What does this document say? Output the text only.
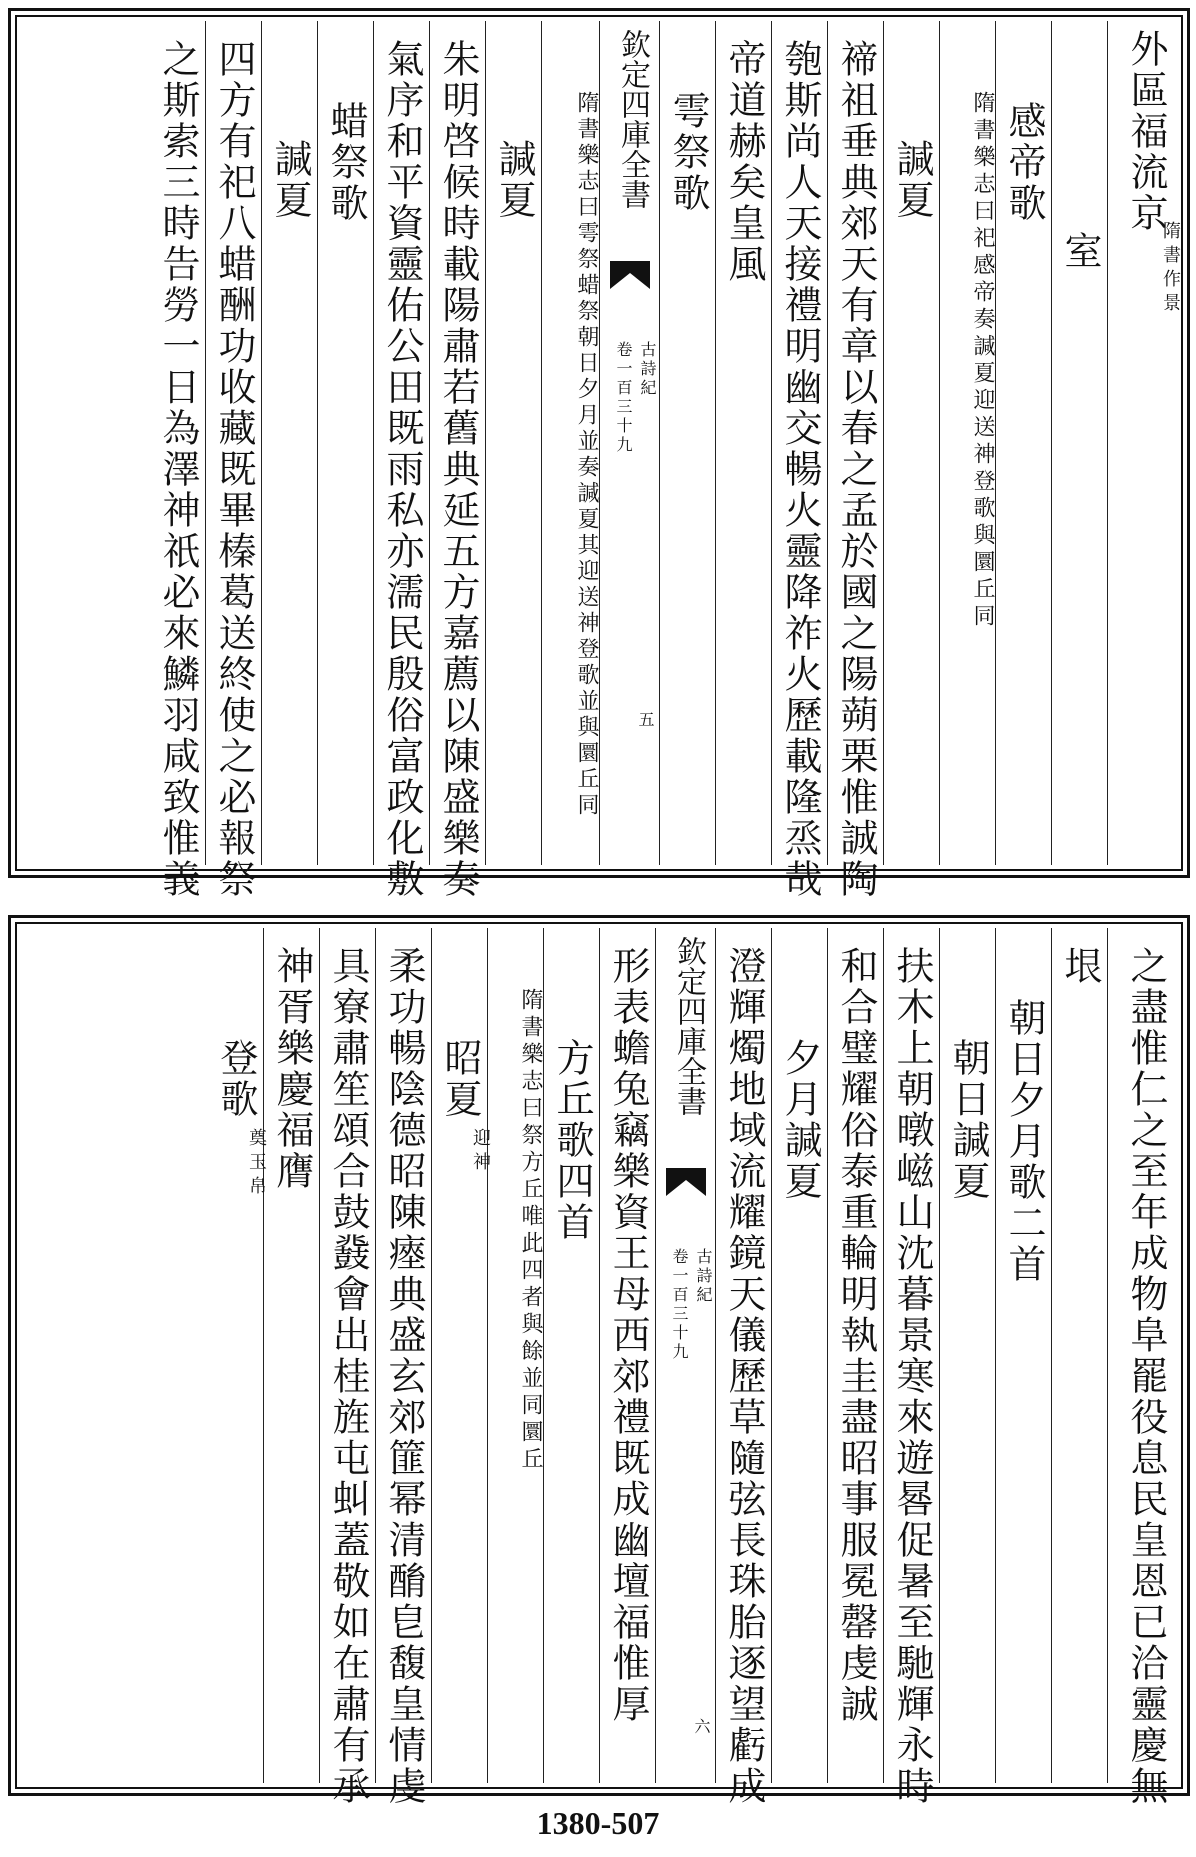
外區福流京
隋書作景
室
感帝歌
隋書樂志曰祀感帝奏諴夏迎送神登歌與圜丘同
諴夏
禘祖垂典郊天有章以春之孟於國之陽蒴栗惟誠陶
匏斯尚人天接禮明幽交暢火靈降祚火歷載隆烝哉
帝道赫矣皇風
雩祭歌
欽定四庫全書
古詩紀
卷一百三十九
五
隋書樂志曰雩祭蜡祭朝日夕月並奏諴夏其迎送神登歌並與圜丘同
諴夏
朱明啓候時載陽肅若舊典延五方嘉薦以陳盛樂奏
氣序和平資靈佑公田既雨私亦濡民殷俗富政化敷
蜡祭歌
諴夏
四方有祀八蜡酬功收藏既畢榛葛送終使之必報祭
之斯索三時告勞一日為澤神祇必來鱗羽咸致惟義
之盡惟仁之至年成物阜罷役息民皇恩已洽靈慶無
垠
朝日夕月歌二首
朝日諴夏
扶木上朝暾嵫山沈暮景寒來遊晷促暑至馳輝永時
和合璧耀俗泰重輪明執圭盡昭事服冕罄虔誠
夕月諴夏
澄輝燭地域流耀鏡天儀歷草隨弦長珠胎逐望虧成
欽定四庫全書
古詩紀
卷一百三十九
六
形表蟾兔竊樂資王母西郊禮既成幽壇福惟厚
方丘歌四首
隋書樂志曰祭方丘唯此四者與餘並同圜丘
昭夏
迎神
柔功暢陰德昭陳瘞典盛玄郊篚幂清酳皀馥皇情虔
具寮肅笙頌合鼓鼗會出桂旌屯虯蓋敬如在肅有承
神胥樂慶福膺
登歌
奠玉帛
1380-507
